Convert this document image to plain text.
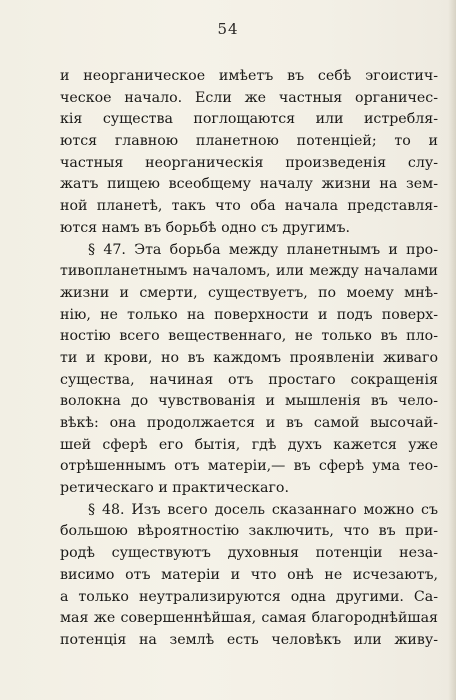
54
и неорганическое имѣетъ въ себѣ эгоистич-
ческое начало. Если же частныя органичес-
кія существа поглощаются или истребля-
ются главною планетною потенціей; то и
частныя неорганическія произведенія слу-
жатъ пищею всеобщему началу жизни на зем-
ной планетѣ, такъ что оба начала представля-
ются намъ въ борьбѣ одно съ другимъ.
§ 47. Эта борьба между планетнымъ и про-
тивопланетнымъ началомъ, или между началами
жизни и смерти, существуетъ, по моему мнѣ-
нію, не только на поверхности и подъ поверх-
ностію всего вещественнаго, не только въ пло-
ти и крови, но въ каждомъ проявленіи живаго
существа, начиная отъ простаго сокращенія
волокна до чувствованія и мышленія въ чело-
вѣкѣ: она продолжается и въ самой высочай-
шей сферѣ его бытія, гдѣ духъ кажется уже
отрѣшеннымъ отъ матеріи,— въ сферѣ ума тео-
ретическаго и практическаго.
§ 48. Изъ всего досель сказаннаго можно съ
большою вѣроятностію заключить, что въ при-
родѣ существуютъ духовныя потенціи неза-
висимо отъ матеріи и что онѣ не исчезаютъ,
а только неутрализируются одна другими. Са-
мая же совершеннѣйшая, самая благороднѣйшая
потенція на землѣ есть человѣкъ или живу-
